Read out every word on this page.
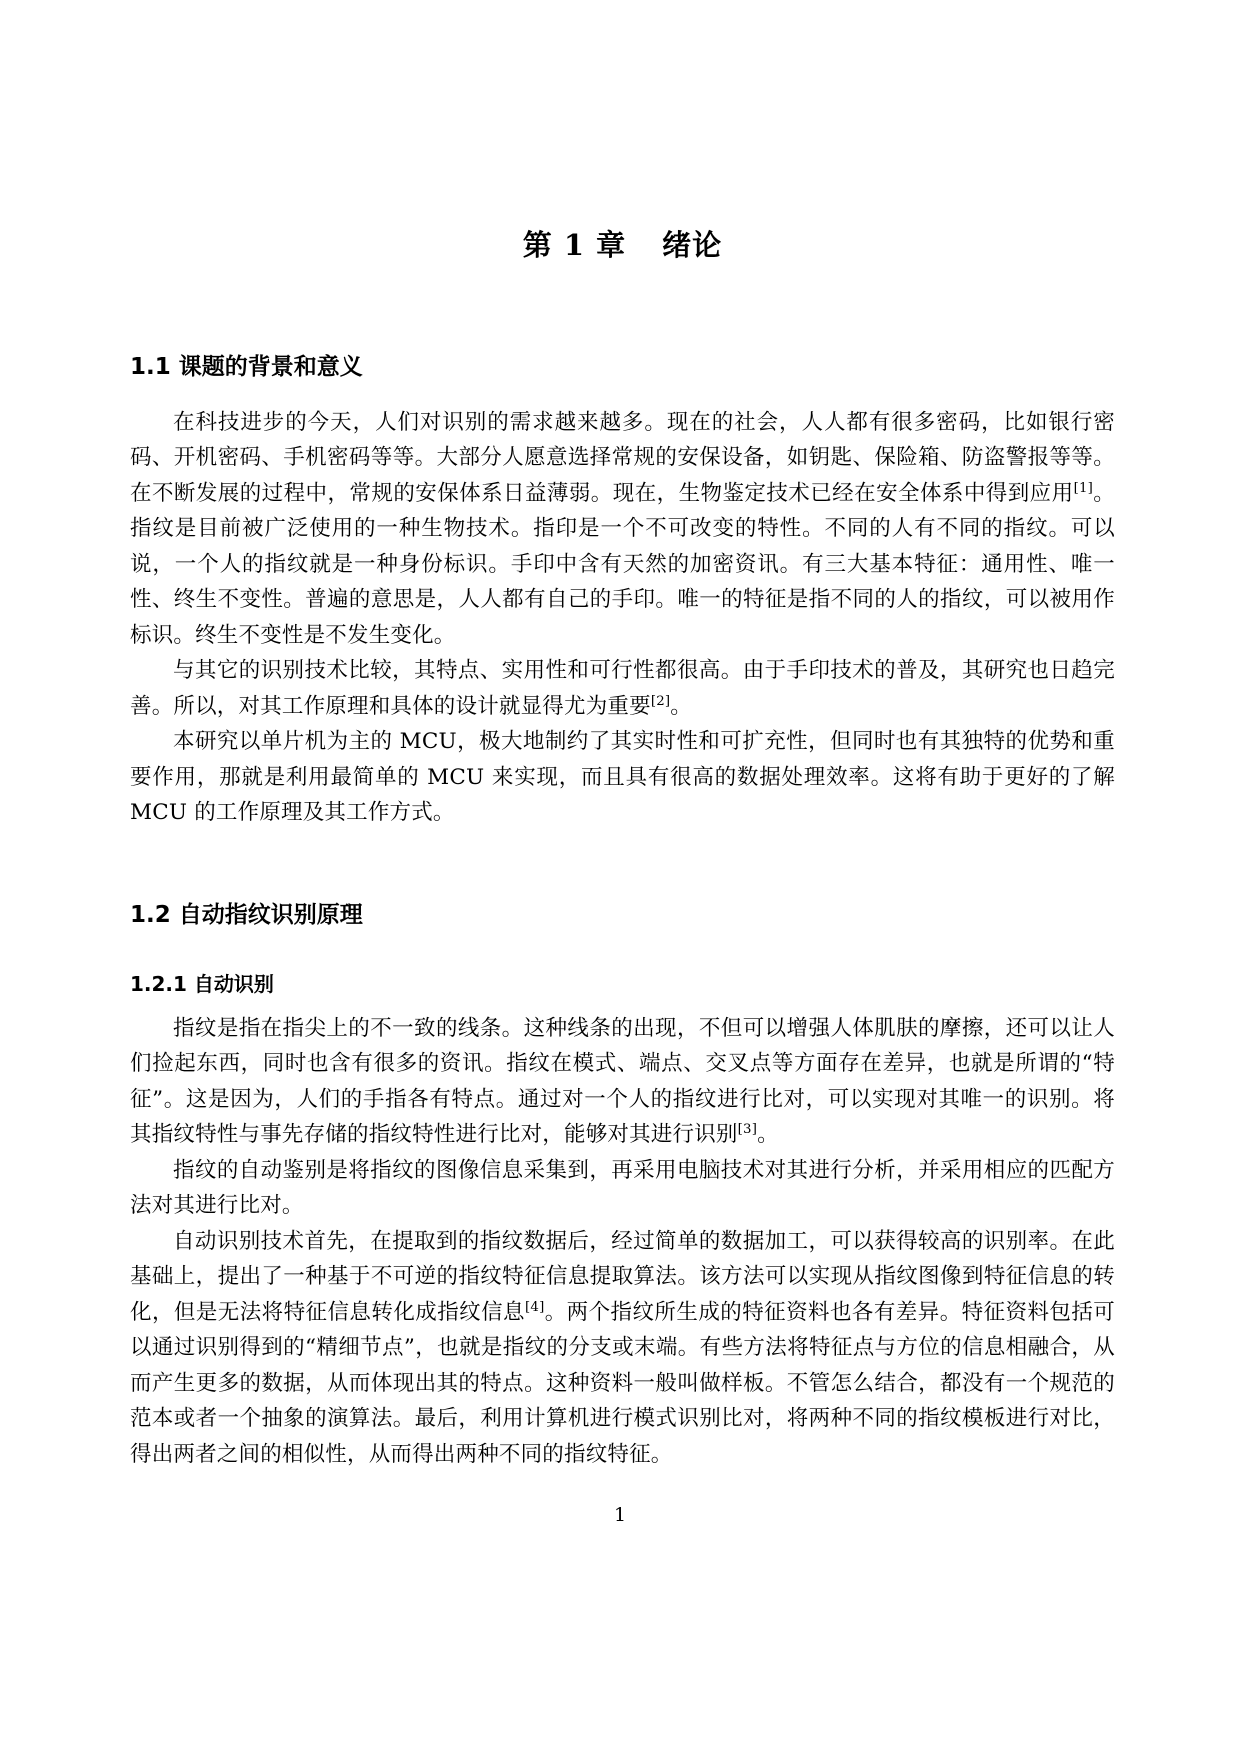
第 1 章 绪论
1.1 课题的背景和意义

在科技进步的今天，人们对识别的需求越来越多。现在的社会，人人都有很多密码，比如银行密码、开机密码、手机密码等等。大部分人愿意选择常规的安保设备，如钥匙、保险箱、防盗警报等等。在不断发展的过程中，常规的安保体系日益薄弱。现在，生物鉴定技术已经在安全体系中得到应用[1]。指纹是目前被广泛使用的一种生物技术。指印是一个不可改变的特性。不同的人有不同的指纹。可以说，一个人的指纹就是一种身份标识。手印中含有天然的加密资讯。有三大基本特征：通用性、唯一性、终生不变性。普遍的意思是，人人都有自己的手印。唯一的特征是指不同的人的指纹，可以被用作标识。终生不变性是不发生变化。

与其它的识别技术比较，其特点、实用性和可行性都很高。由于手印技术的普及，其研究也日趋完善。所以，对其工作原理和具体的设计就显得尤为重要[2]。

本研究以单片机为主的 MCU，极大地制约了其实时性和可扩充性，但同时也有其独特的优势和重要作用，那就是利用最简单的 MCU 来实现，而且具有很高的数据处理效率。这将有助于更好的了解 MCU 的工作原理及其工作方式。

1.2 自动指纹识别原理
1.2.1 自动识别

指纹是指在指尖上的不一致的线条。这种线条的出现，不但可以增强人体肌肤的摩擦，还可以让人们捡起东西，同时也含有很多的资讯。指纹在模式、端点、交叉点等方面存在差异，也就是所谓的“特征”。这是因为，人们的手指各有特点。通过对一个人的指纹进行比对，可以实现对其唯一的识别。将其指纹特性与事先存储的指纹特性进行比对，能够对其进行识别[3]。

指纹的自动鉴别是将指纹的图像信息采集到，再采用电脑技术对其进行分析，并采用相应的匹配方法对其进行比对。

自动识别技术首先，在提取到的指纹数据后，经过简单的数据加工，可以获得较高的识别率。在此基础上，提出了一种基于不可逆的指纹特征信息提取算法。该方法可以实现从指纹图像到特征信息的转化，但是无法将特征信息转化成指纹信息[4]。两个指纹所生成的特征资料也各有差异。特征资料包括可以通过识别得到的“精细节点”，也就是指纹的分支或末端。有些方法将特征点与方位的信息相融合，从而产生更多的数据，从而体现出其的特点。这种资料一般叫做样板。不管怎么结合，都没有一个规范的范本或者一个抽象的演算法。最后，利用计算机进行模式识别比对，将两种不同的指纹模板进行对比，得出两者之间的相似性，从而得出两种不同的指纹特征。

1
